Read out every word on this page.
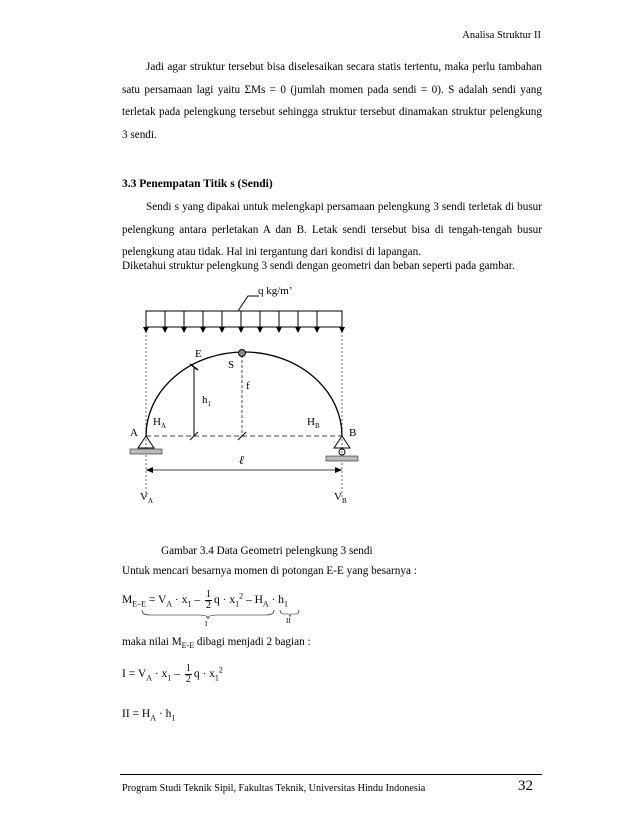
Analisa Struktur II

Jadi agar struktur tersebut bisa diselesaikan secara statis tertentu, maka perlu tambahan satu persamaan lagi yaitu ΣMs = 0 (jumlah momen pada sendi = 0). S adalah sendi yang terletak pada pelengkung tersebut sehingga struktur tersebut dinamakan struktur pelengkung 3 sendi.

3.3 Penempatan Titik s (Sendi)

Sendi s yang dipakai untuk melengkapi persamaan pelengkung 3 sendi terletak di busur pelengkung antara perletakan A dan B. Letak sendi tersebut bisa di tengah-tengah busur pelengkung atau tidak. Hal ini tergantung dari kondisi di lapangan.

Diketahui struktur pelengkung 3 sendi dengan geometri dan beban seperti pada gambar.
q kg/m’
E
S
f
$h_1$
$H_A$	$H_B$
A	B
ℓ
$V_A$	$V_B$
Gambar 3.4 Data Geometri pelengkung 3 sendi
Untuk mencari besarnya momen di potongan E-E yang besarnya :
$M_{E-E} = V_A \cdot x_1 - \frac{1}{2}$ $q \cdot x_1^2 - H_A \cdot h_1$
I	II
maka nilai $M_{E-E}$ dibagi menjadi 2 bagian :
$I = V_A \cdot x_1 - \frac{1}{2}$ $q \cdot x_1^2$
II = $H_A \cdot h_1$
Program Studi Teknik Sipil, Fakultas Teknik, Universitas Hindu Indonesia	32
